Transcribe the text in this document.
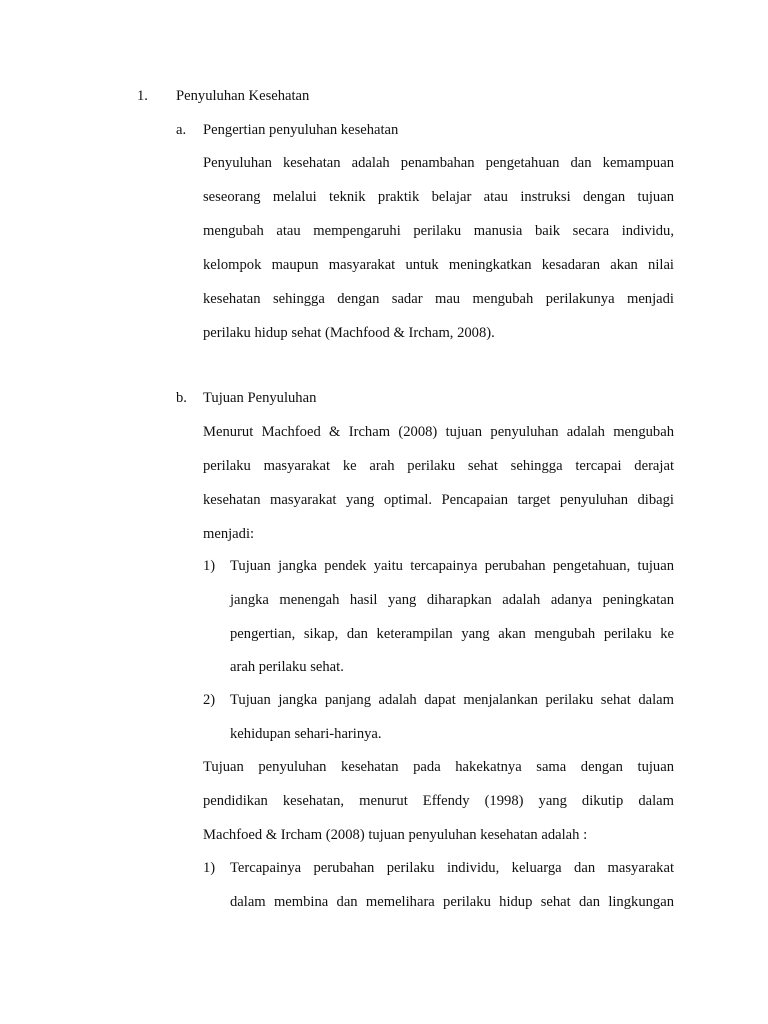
1. Penyuluhan Kesehatan
a. Pengertian penyuluhan kesehatan
Penyuluhan kesehatan adalah penambahan pengetahuan dan kemampuan
seseorang melalui teknik praktik belajar atau instruksi dengan tujuan
mengubah atau mempengaruhi perilaku manusia baik secara individu,
kelompok maupun masyarakat untuk meningkatkan kesadaran akan nilai
kesehatan sehingga dengan sadar mau mengubah perilakunya menjadi
perilaku hidup sehat (Machfood & Ircham, 2008).
b. Tujuan Penyuluhan
Menurut Machfoed & Ircham (2008) tujuan penyuluhan adalah mengubah
perilaku masyarakat ke arah perilaku sehat sehingga tercapai derajat
kesehatan masyarakat yang optimal. Pencapaian target penyuluhan dibagi
menjadi:
1) Tujuan jangka pendek yaitu tercapainya perubahan pengetahuan, tujuan
jangka menengah hasil yang diharapkan adalah adanya peningkatan
pengertian, sikap, dan keterampilan yang akan mengubah perilaku ke
arah perilaku sehat.
2) Tujuan jangka panjang adalah dapat menjalankan perilaku sehat dalam
kehidupan sehari-harinya.
Tujuan penyuluhan kesehatan pada hakekatnya sama dengan tujuan
pendidikan kesehatan, menurut Effendy (1998) yang dikutip dalam
Machfoed & Ircham (2008) tujuan penyuluhan kesehatan adalah :
1) Tercapainya perubahan perilaku individu, keluarga dan masyarakat
dalam membina dan memelihara perilaku hidup sehat dan lingkungan
